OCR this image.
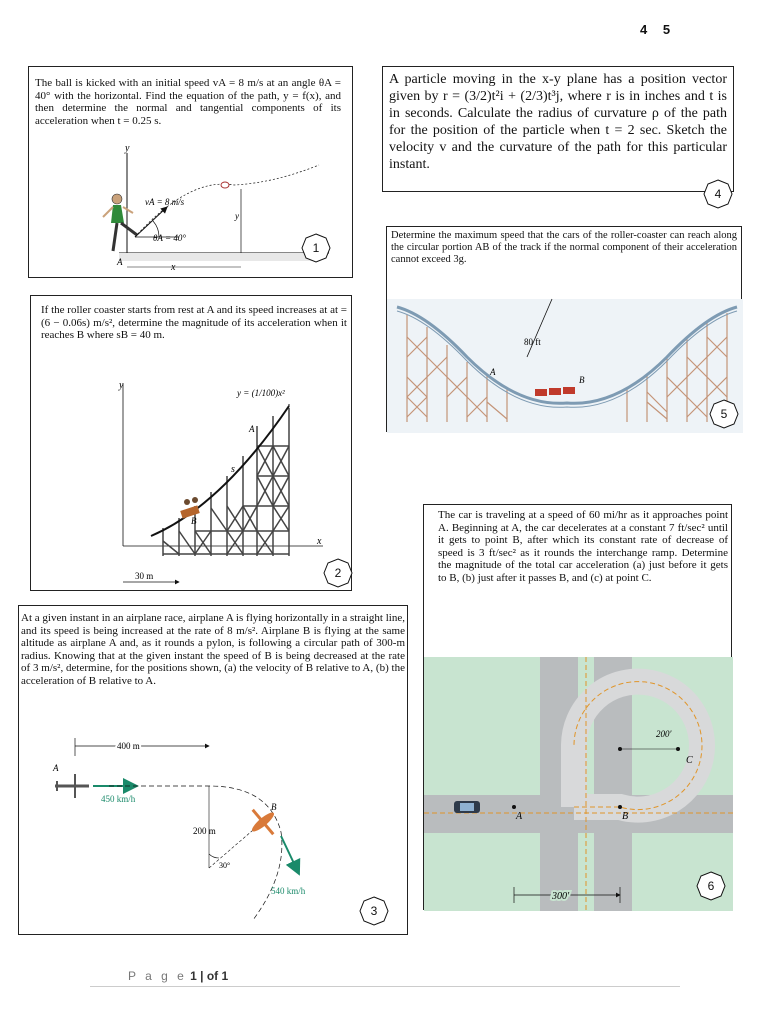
4 5
The ball is kicked with an initial speed vA = 8 m/s at an angle θA = 40° with the horizontal. Find the equation of the path, y = f(x), and then determine the normal and tangential components of its acceleration when t = 0.25 s.
y
A
vA = 8 m/s
θA = 40°
y
x
1
A particle moving in the x-y plane has a position vector given by r = (3/2)t²i + (2/3)t³j, where r is in inches and t is in seconds. Calculate the radius of curvature ρ of the path for the position of the particle when t = 2 sec. Sketch the velocity v and the curvature of the path for this particular instant.
4
Determine the maximum speed that the cars of the roller-coaster can reach along the circular portion AB of the track if the normal component of their acceleration cannot exceed 3g.
80 ft
A
B
5
If the roller coaster starts from rest at A and its speed increases at at = (6 − 0.06s) m/s², determine the magnitude of its acceleration when it reaches B where sB = 40 m.
y
x
y = (1/100)x²
A
B
s
30 m	2
The car is traveling at a speed of 60 mi/hr as it approaches point A. Beginning at A, the car decelerates at a constant 7 ft/sec² until it gets to point B, after which its constant rate of decrease of speed is 3 ft/sec² as it rounds the interchange ramp. Determine the magnitude of the total car acceleration (a) just before it gets to B, (b) just after it passes B, and (c) at point C.
200′
C
A	B
300′
6
At a given instant in an airplane race, airplane A is flying horizontally in a straight line, and its speed is being increased at the rate of 8 m/s². Airplane B is flying at the same altitude as airplane A and, as it rounds a pylon, is following a circular path of 300-m radius. Knowing that at the given instant the speed of B is being decreased at the rate of 3 m/s², determine, for the positions shown, (a) the velocity of B relative to A, (b) the acceleration of B relative to A.
400 m
A
450 km/h
200 m
30°
B
540 km/h
3
P a g e 1 | of 1
